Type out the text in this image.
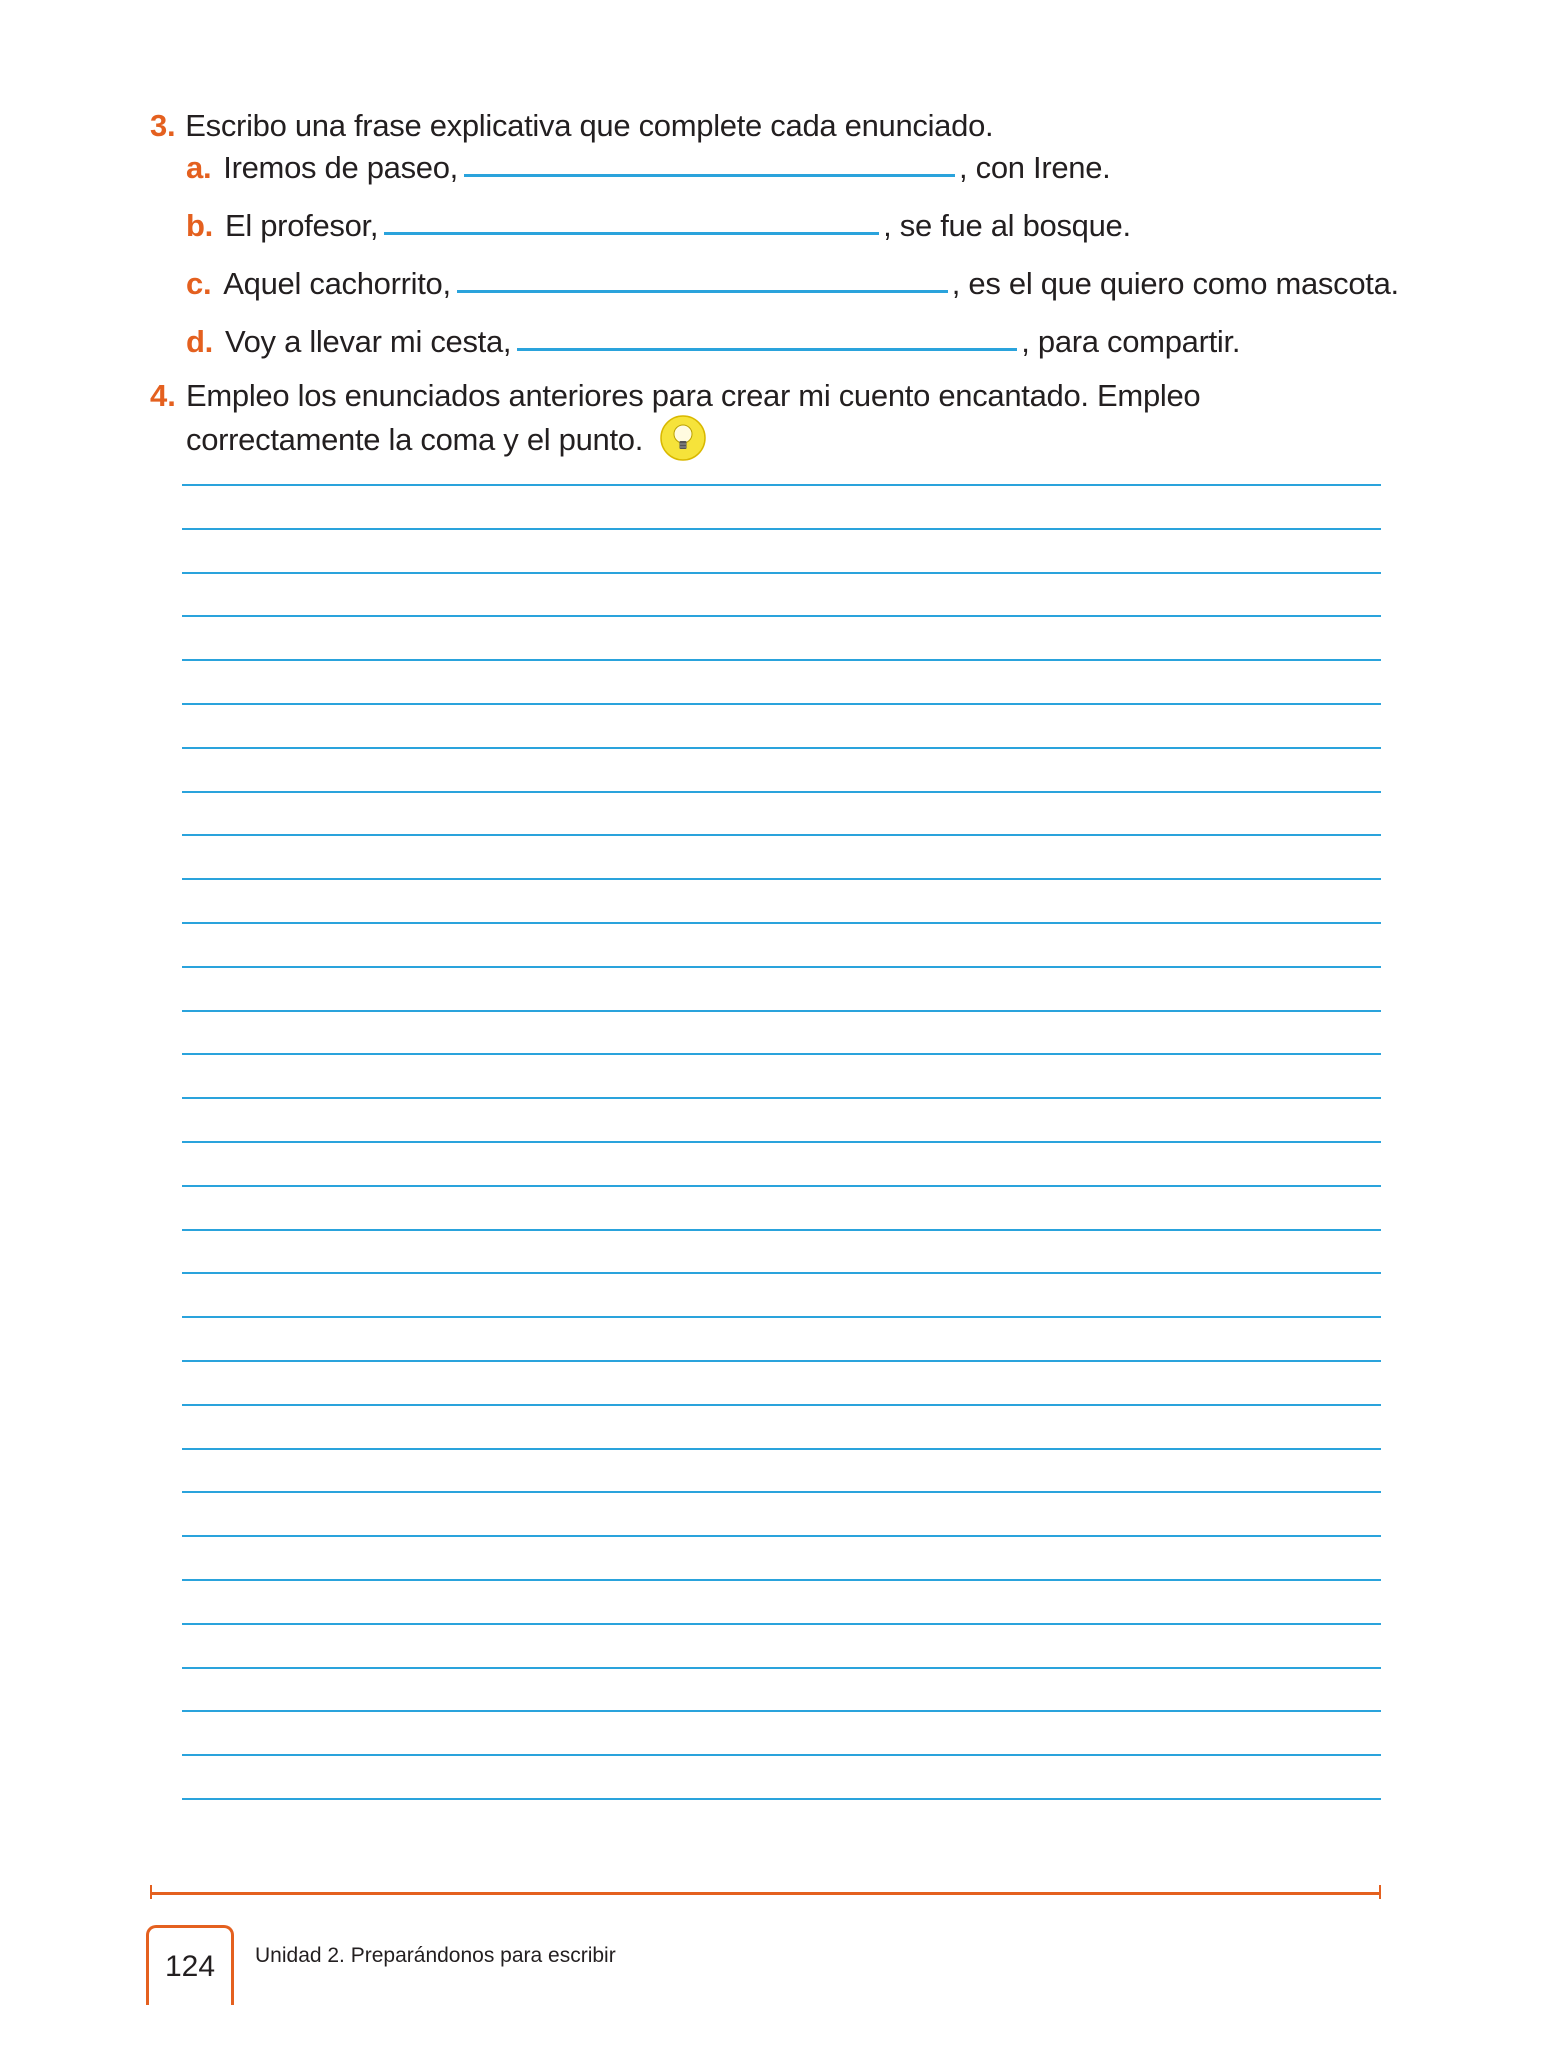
3. Escribo una frase explicativa que complete cada enunciado.
a. Iremos de paseo,	, con Irene.
b. El profesor,	, se fue al bosque.
c. Aquel cachorrito,	, es el que quiero como mascota.
d. Voy a llevar mi cesta,	, para compartir.
4. Empleo los enunciados anteriores para crear mi cuento encantado. Empleo correctamente la coma y el punto.
124 Unidad 2. Preparándonos para escribir
